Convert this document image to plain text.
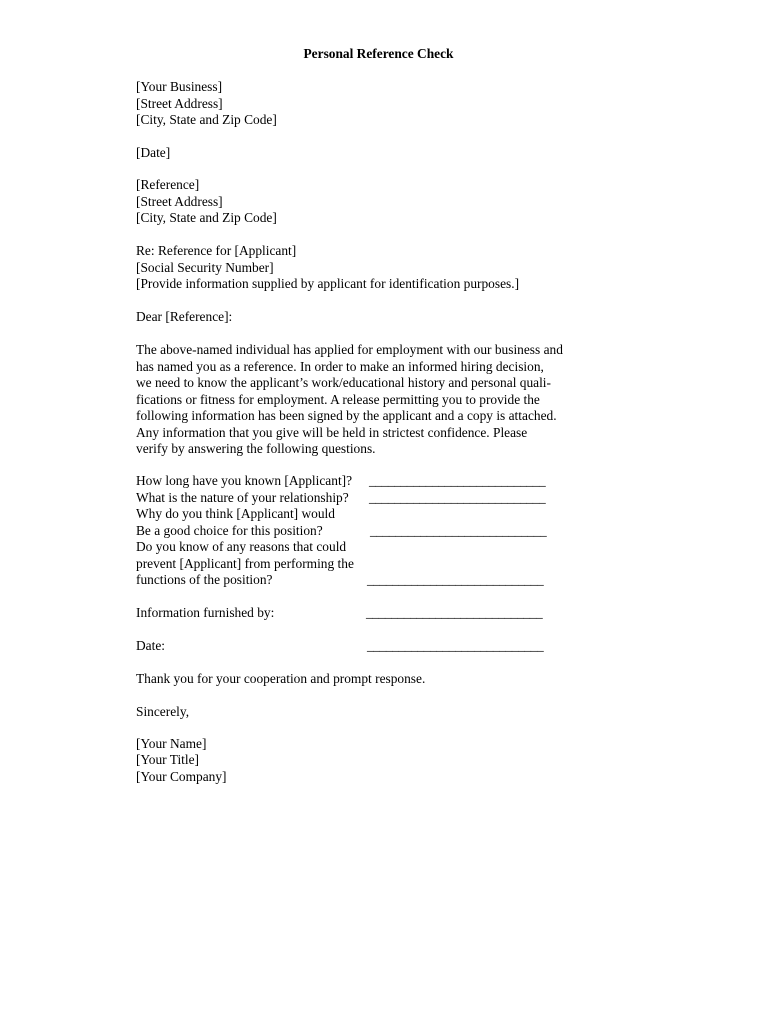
Personal Reference Check
[Your Business]
[Street Address]
[City, State and Zip Code]
[Date]
[Reference]
[Street Address]
[City, State and Zip Code]
Re: Reference for [Applicant]
[Social Security Number]
[Provide information supplied by applicant for identification purposes.]
Dear [Reference]:
The above-named individual has applied for employment with our business and
has named you as a reference. In order to make an informed hiring decision,
we need to know the applicant’s work/educational history and personal quali-
fications or fitness for employment. A release permitting you to provide the
following information has been signed by the applicant and a copy is attached.
Any information that you give will be held in strictest confidence. Please
verify by answering the following questions.
How long have you known [Applicant]? ____________________________
What is the nature of your relationship? ____________________________
Why do you think [Applicant] would
Be a good choice for this position?	____________________________
Do you know of any reasons that could
prevent [Applicant] from performing the
functions of the position?	____________________________
Information furnished by:	____________________________
Date:	____________________________
Thank you for your cooperation and prompt response.
Sincerely,
[Your Name]
[Your Title]
[Your Company]
